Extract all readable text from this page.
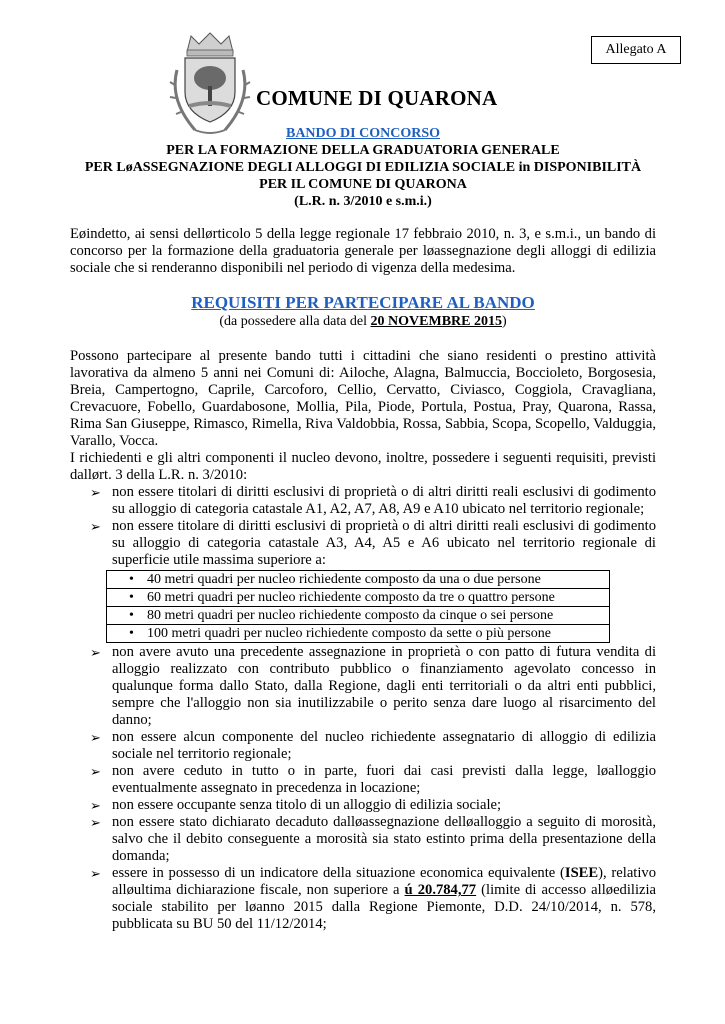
Allegato A
COMUNE DI QUARONA
BANDO DI CONCORSO
PER LA FORMAZIONE DELLA GRADUATORIA GENERALE
PER LøASSEGNAZIONE DEGLI ALLOGGI DI EDILIZIA SOCIALE in DISPONIBILITÀ
PER IL COMUNE DI QUARONA
(L.R. n. 3/2010 e s.m.i.)
Eøindetto, ai sensi dellørticolo 5 della legge regionale 17 febbraio 2010, n. 3, e s.m.i., un bando di concorso per la formazione della graduatoria generale per løassegnazione degli alloggi di edilizia sociale che si renderanno disponibili nel periodo di vigenza della medesima.
REQUISITI PER PARTECIPARE AL BANDO
(da possedere alla data del 20 NOVEMBRE 2015)
Possono partecipare al presente bando tutti i cittadini che siano residenti o prestino attività lavorativa da almeno 5 anni nei Comuni di: Ailoche, Alagna, Balmuccia, Boccioleto, Borgosesia, Breia, Campertogno, Caprile, Carcoforo, Cellio, Cervatto, Civiasco, Coggiola, Cravagliana, Crevacuore, Fobello, Guardabosone, Mollia, Pila, Piode, Portula, Postua, Pray, Quarona, Rassa, Rima San Giuseppe, Rimasco, Rimella, Riva Valdobbia, Rossa, Sabbia, Scopa, Scopello, Valduggia, Varallo, Vocca.
I richiedenti e gli altri componenti il nucleo devono, inoltre, possedere i seguenti requisiti, previsti dallørt. 3 della L.R. n. 3/2010:
➢ non essere titolari di diritti esclusivi di proprietà o di altri diritti reali esclusivi di godimento su alloggio di categoria catastale A1, A2, A7, A8, A9 e A10 ubicato nel territorio regionale;
➢ non essere titolare di diritti esclusivi di proprietà o di altri diritti reali esclusivi di godimento su alloggio di categoria catastale A3, A4, A5 e A6 ubicato nel territorio regionale di superficie utile massima superiore a:
• 40 metri quadri per nucleo richiedente composto da una o due persone

• 60 metri quadri per nucleo richiedente composto da tre o quattro persone

• 80 metri quadri per nucleo richiedente composto da cinque o sei persone

• 100 metri quadri per nucleo richiedente composto da sette o più persone
➢ non avere avuto una precedente assegnazione in proprietà o con patto di futura vendita di alloggio realizzato con contributo pubblico o finanziamento agevolato concesso in qualunque forma dallo Stato, dalla Regione, dagli enti territoriali o da altri enti pubblici, sempre che l'alloggio non sia inutilizzabile o perito senza dare luogo al risarcimento del danno;
➢ non essere alcun componente del nucleo richiedente assegnatario di alloggio di edilizia sociale nel territorio regionale;
➢ non avere ceduto in tutto o in parte, fuori dai casi previsti dalla legge, løalloggio eventualmente assegnato in precedenza in locazione;
➢ non essere occupante senza titolo di un alloggio di edilizia sociale;
➢ non essere stato dichiarato decaduto dalløassegnazione delløalloggio a seguito di morosità, salvo che il debito conseguente a morosità sia stato estinto prima della presentazione della domanda;
➢ essere in possesso di un indicatore della situazione economica equivalente (ISEE), relativo alløultima dichiarazione fiscale, non superiore a ú 20.784,77 (limite di accesso alløedilizia sociale stabilito per løanno 2015 dalla Regione Piemonte, D.D. 24/10/2014, n. 578, pubblicata su BU 50 del 11/12/2014;
